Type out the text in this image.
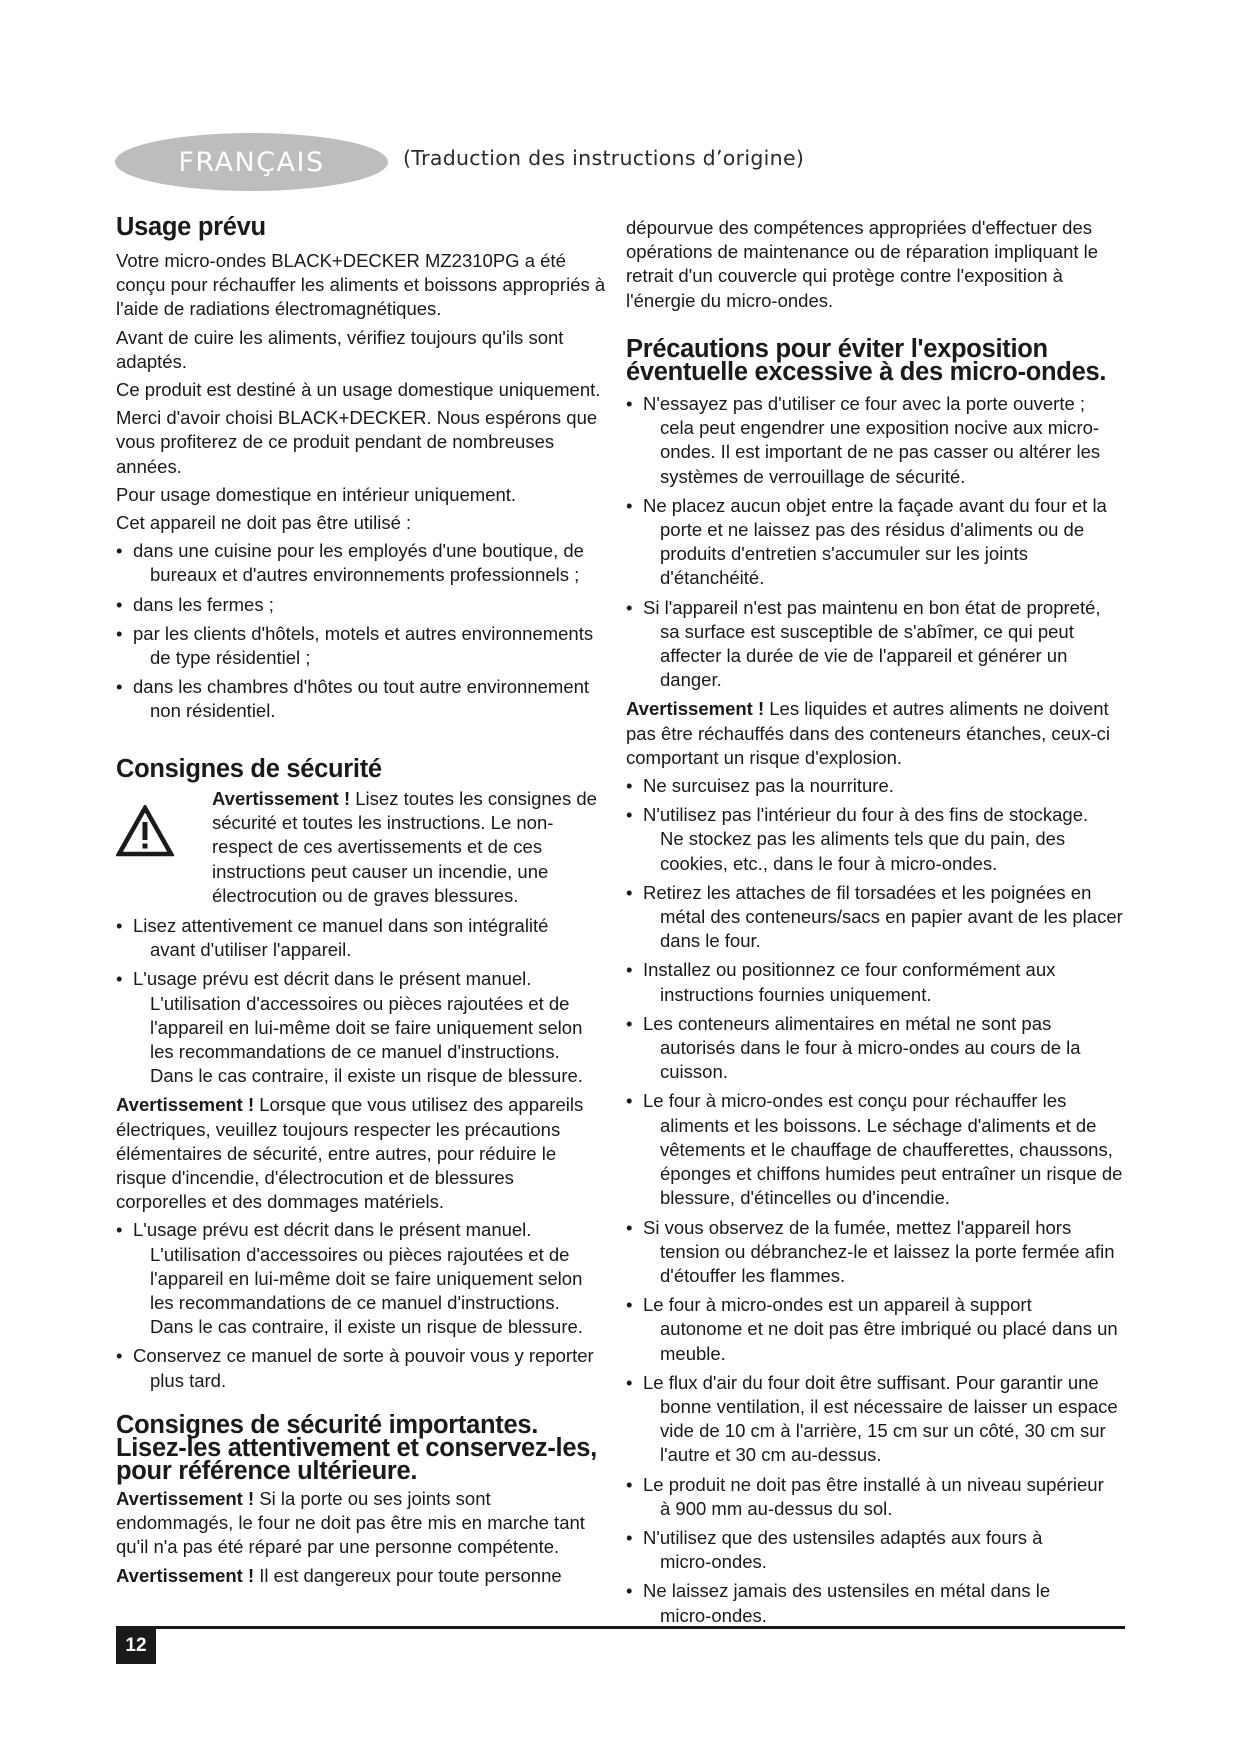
FRANÇAIS	(Traduction des instructions d’origine)
Usage prévu

Votre micro-ondes BLACK+DECKER MZ2310PG a été conçu pour réchauffer les aliments et boissons appropriés à l'aide de radiations électromagnétiques.

Avant de cuire les aliments, vérifiez toujours qu'ils sont adaptés.

Ce produit est destiné à un usage domestique uniquement.

Merci d'avoir choisi BLACK+DECKER. Nous espérons que vous profiterez de ce produit pendant de nombreuses années.

Pour usage domestique en intérieur uniquement.

Cet appareil ne doit pas être utilisé :

• dans une cuisine pour les employés d'une boutique, de
bureaux et d'autres environnements professionnels ;
• dans les fermes ;
• par les clients d'hôtels, motels et autres environnements
de type résidentiel ;
• dans les chambres d'hôtes ou tout autre environnement
non résidentiel.
Consignes de sécurité

Avertissement ! Lisez toutes les consignes de sécurité et toutes les instructions. Le non-respect de ces avertissements et de ces instructions peut causer un incendie, une électrocution ou de graves blessures.

• Lisez attentivement ce manuel dans son intégralité
avant d'utiliser l'appareil.
• L'usage prévu est décrit dans le présent manuel.
L'utilisation d'accessoires ou pièces rajoutées et de l'appareil en lui-même doit se faire uniquement selon les recommandations de ce manuel d'instructions. Dans le cas contraire, il existe un risque de blessure.

Avertissement ! Lorsque que vous utilisez des appareils électriques, veuillez toujours respecter les précautions élémentaires de sécurité, entre autres, pour réduire le risque d'incendie, d'électrocution et de blessures corporelles et des dommages matériels.

• L'usage prévu est décrit dans le présent manuel.
L'utilisation d'accessoires ou pièces rajoutées et de l'appareil en lui-même doit se faire uniquement selon les recommandations de ce manuel d'instructions. Dans le cas contraire, il existe un risque de blessure.
• Conservez ce manuel de sorte à pouvoir vous y reporter
plus tard.
Consignes de sécurité importantes. Lisez-les attentivement et conservez-les, pour référence ultérieure.

Avertissement ! Si la porte ou ses joints sont endommagés, le four ne doit pas être mis en marche tant qu'il n'a pas été réparé par une personne compétente.

Avertissement ! Il est dangereux pour toute personne

dépourvue des compétences appropriées d'effectuer des opérations de maintenance ou de réparation impliquant le retrait d'un couvercle qui protège contre l'exposition à l'énergie du micro-ondes.

Précautions pour éviter l'exposition éventuelle excessive à des micro-ondes.
• N'essayez pas d'utiliser ce four avec la porte ouverte ;
cela peut engendrer une exposition nocive aux micro-ondes. Il est important de ne pas casser ou altérer les systèmes de verrouillage de sécurité.
• Ne placez aucun objet entre la façade avant du four et la
porte et ne laissez pas des résidus d'aliments ou de produits d'entretien s'accumuler sur les joints d'étanchéité.
• Si l'appareil n'est pas maintenu en bon état de propreté,
sa surface est susceptible de s'abîmer, ce qui peut affecter la durée de vie de l'appareil et générer un danger.

Avertissement ! Les liquides et autres aliments ne doivent pas être réchauffés dans des conteneurs étanches, ceux-ci comportant un risque d'explosion.

• Ne surcuisez pas la nourriture.
• N'utilisez pas l'intérieur du four à des fins de stockage.
Ne stockez pas les aliments tels que du pain, des cookies, etc., dans le four à micro-ondes.
• Retirez les attaches de fil torsadées et les poignées en
métal des conteneurs/sacs en papier avant de les placer dans le four.
• Installez ou positionnez ce four conformément aux
instructions fournies uniquement.
• Les conteneurs alimentaires en métal ne sont pas
autorisés dans le four à micro-ondes au cours de la cuisson.
• Le four à micro-ondes est conçu pour réchauffer les
aliments et les boissons. Le séchage d'aliments et de vêtements et le chauffage de chaufferettes, chaussons, éponges et chiffons humides peut entraîner un risque de blessure, d'étincelles ou d'incendie.
• Si vous observez de la fumée, mettez l'appareil hors
tension ou débranchez-le et laissez la porte fermée afin d'étouffer les flammes.
• Le four à micro-ondes est un appareil à support
autonome et ne doit pas être imbriqué ou placé dans un meuble.
• Le flux d'air du four doit être suffisant. Pour garantir une
bonne ventilation, il est nécessaire de laisser un espace vide de 10 cm à l'arrière, 15 cm sur un côté, 30 cm sur l'autre et 30 cm au-dessus.
• Le produit ne doit pas être installé à un niveau supérieur
à 900 mm au-dessus du sol.
• N'utilisez que des ustensiles adaptés aux fours à
micro-ondes.
• Ne laissez jamais des ustensiles en métal dans le
micro-ondes.
12
